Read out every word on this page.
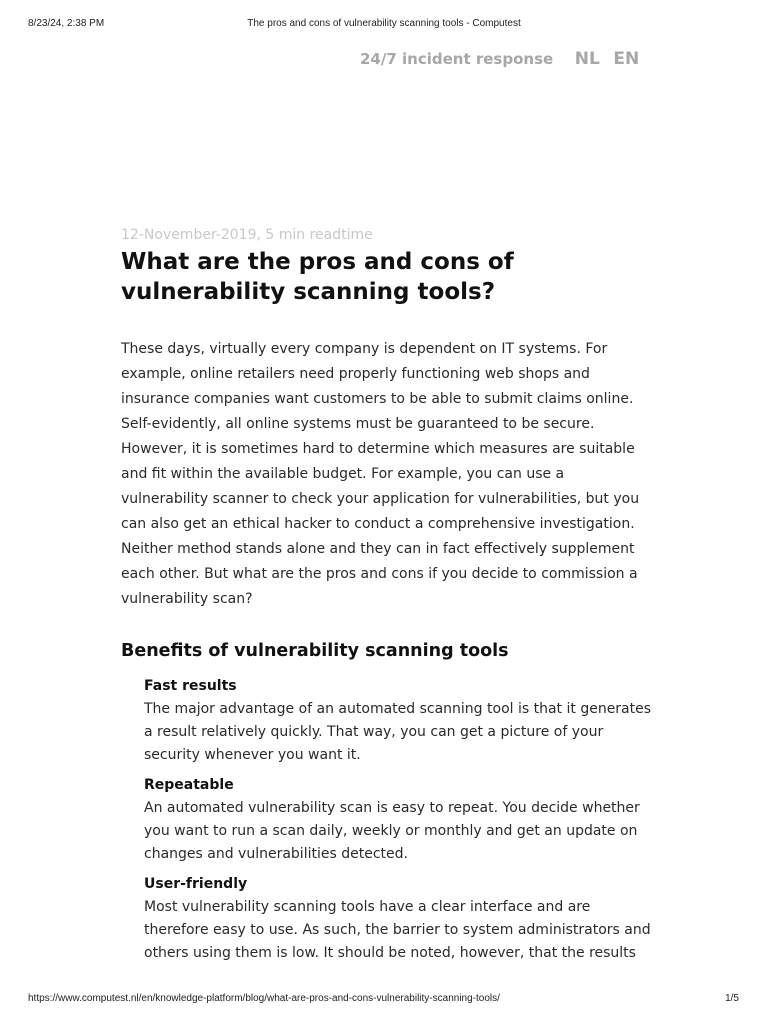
8/23/24, 2:38 PM	The pros and cons of vulnerability scanning tools - Computest
24/7 incident response NL EN

12-November-2019, 5 min readtime

What are the pros and cons of vulnerability scanning tools?

These days, virtually every company is dependent on IT systems. For example, online retailers need properly functioning web shops and insurance companies want customers to be able to submit claims online. Self-evidently, all online systems must be guaranteed to be secure. However, it is sometimes hard to determine which measures are suitable and fit within the available budget. For example, you can use a vulnerability scanner to check your application for vulnerabilities, but you can also get an ethical hacker to conduct a comprehensive investigation. Neither method stands alone and they can in fact effectively supplement each other. But what are the pros and cons if you decide to commission a vulnerability scan?

Benefits of vulnerability scanning tools
Fast results

The major advantage of an automated scanning tool is that it generates a result relatively quickly. That way, you can get a picture of your security whenever you want it.

Repeatable

An automated vulnerability scan is easy to repeat. You decide whether you want to run a scan daily, weekly or monthly and get an update on changes and vulnerabilities detected.

User-friendly

Most vulnerability scanning tools have a clear interface and are therefore easy to use. As such, the barrier to system administrators and others using them is low. It should be noted, however, that the results

https://www.computest.nl/en/knowledge-platform/blog/what-are-pros-and-cons-vulnerability-scanning-tools/	1/5
